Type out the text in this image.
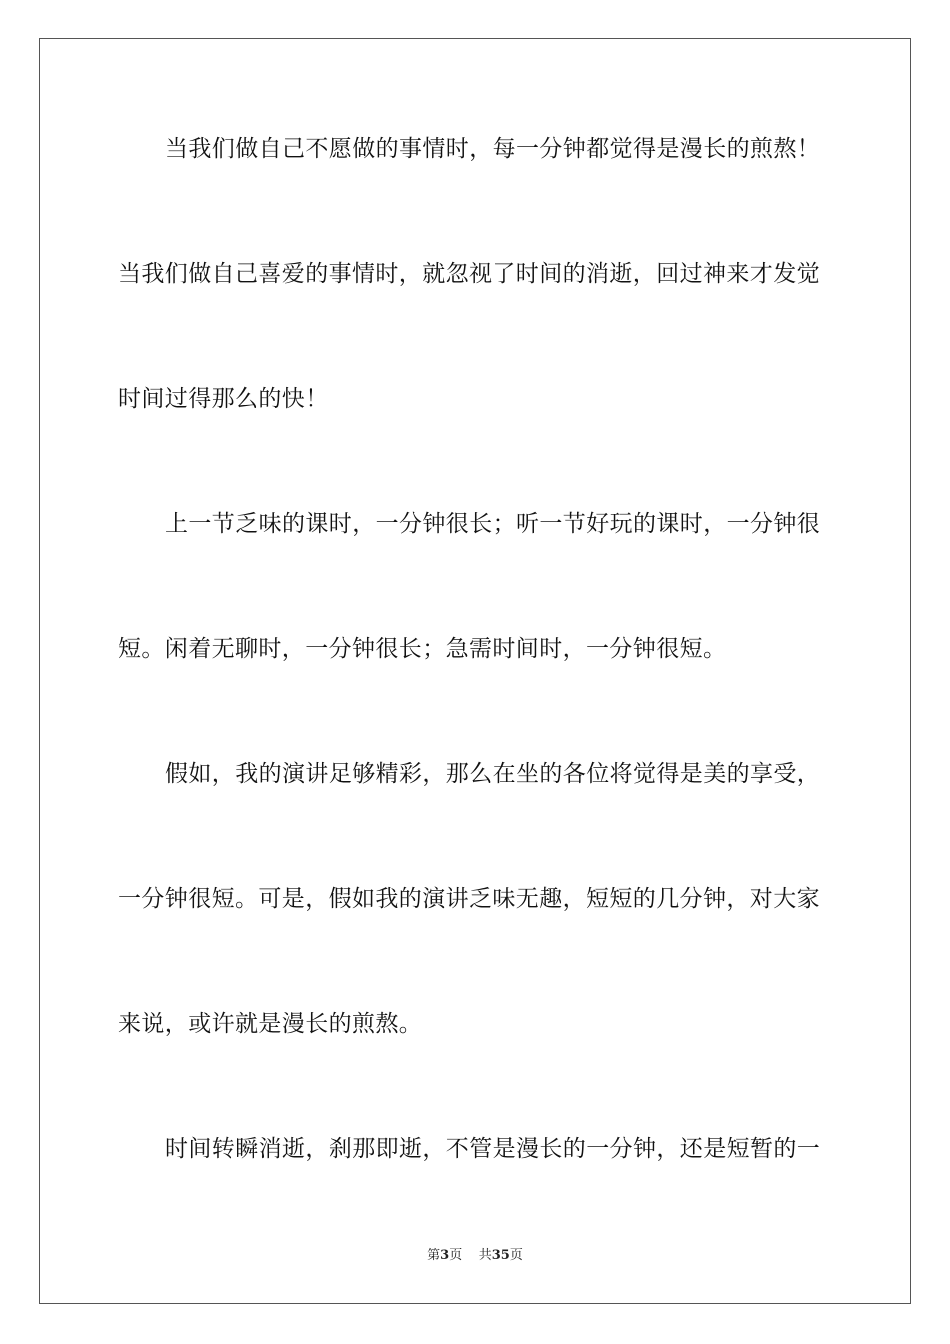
当我们做自己不愿做的事情时，每一分钟都觉得是漫长的煎熬！
当我们做自己喜爱的事情时，就忽视了时间的消逝，回过神来才发觉
时间过得那么的快！
上一节乏味的课时，一分钟很长；听一节好玩的课时，一分钟很
短。闲着无聊时，一分钟很长；急需时间时，一分钟很短。
假如，我的演讲足够精彩，那么在坐的各位将觉得是美的享受，
一分钟很短。可是，假如我的演讲乏味无趣，短短的几分钟，对大家
来说，或许就是漫长的煎熬。
时间转瞬消逝，刹那即逝，不管是漫长的一分钟，还是短暂的一
第3页 共35页
